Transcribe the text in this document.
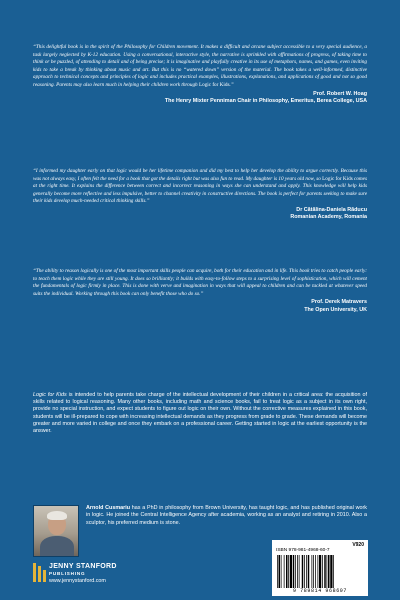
“This delightful book is in the spirit of the Philosophy for Children movement. It makes a difficult and arcane subject accessible to a very special audience, a task largely neglected by K-12 education. Using a conversational, interactive style, the narrative is sprinkled with affirmations of progress, of taking time to think or be puzzled, of attending to detail and of being precise; it is imaginative and playfully creative in its use of metaphors, names, and games, even inviting kids to take a break by thinking about music and art. But this is no “watered down” version of the material. The book takes a well-informed, distinctive approach to technical concepts and principles of logic and includes practical examples, illustrations, explanations, and applications of good and not so good reasoning. Parents may also learn much in helping their children work through Logic for Kids.”

Prof. Robert W. Hoag
The Henry Mixter Penniman Chair in Philosophy, Emeritus, Berea College, USA

“I informed my daughter early on that logic would be her lifetime companion and did my best to help her develop the ability to argue correctly. Because this was not always easy, I often felt the need for a book that got the details right but was also fun to read. My daughter is 10 years old now, so Logic for Kids comes at the right time. It explains the difference between correct and incorrect reasoning in ways she can understand and apply. This knowledge will help kids generally become more reflective and less impulsive, better to channel creativity in constructive directions. The book is perfect for parents seeking to make sure their kids develop much-needed critical thinking skills.”

Dr Cătălina-Daniela Răducu
Romanian Academy, Romania

“The ability to reason logically is one of the most important skills people can acquire, both for their education and in life. This book tries to catch people early: to teach them logic while they are still young. It does so brilliantly; it builds with easy-to-follow steps to a surprising level of sophistication, which will cement the fundamentals of logic firmly in place. This is done with verve and imagination in ways that will appeal to children and can be tackled at whatever speed suits the individual. Working through this book can only benefit those who do so.”

Prof. Derek Matravers
The Open University, UK

Logic for Kids is intended to help parents take charge of the intellectual development of their children in a critical area: the acquisition of skills related to logical reasoning. Many other books, including math and science books, fail to treat logic as a subject in its own right, provide no special instruction, and expect students to figure out logic on their own. Without the corrective measures explained in this book, students will be ill-prepared to cope with increasing intellectual demands as they progress from grade to grade. These demands will become greater and more varied in college and once they embark on a professional career. Getting started in logic at the earliest opportunity is the answer.

Arnold Cusmariu has a PhD in philosophy from Brown University, has taught logic, and has published original work in logic. He joined the Central Intelligence Agency after academia, working as an analyst and retiring in 2010. Also a sculptor, his preferred medium is stone.

JENNY STANFORD
PUBLISHING
www.jennystanford.com
V920
ISBN 978-981-4968-60-7
9 789814 968607
